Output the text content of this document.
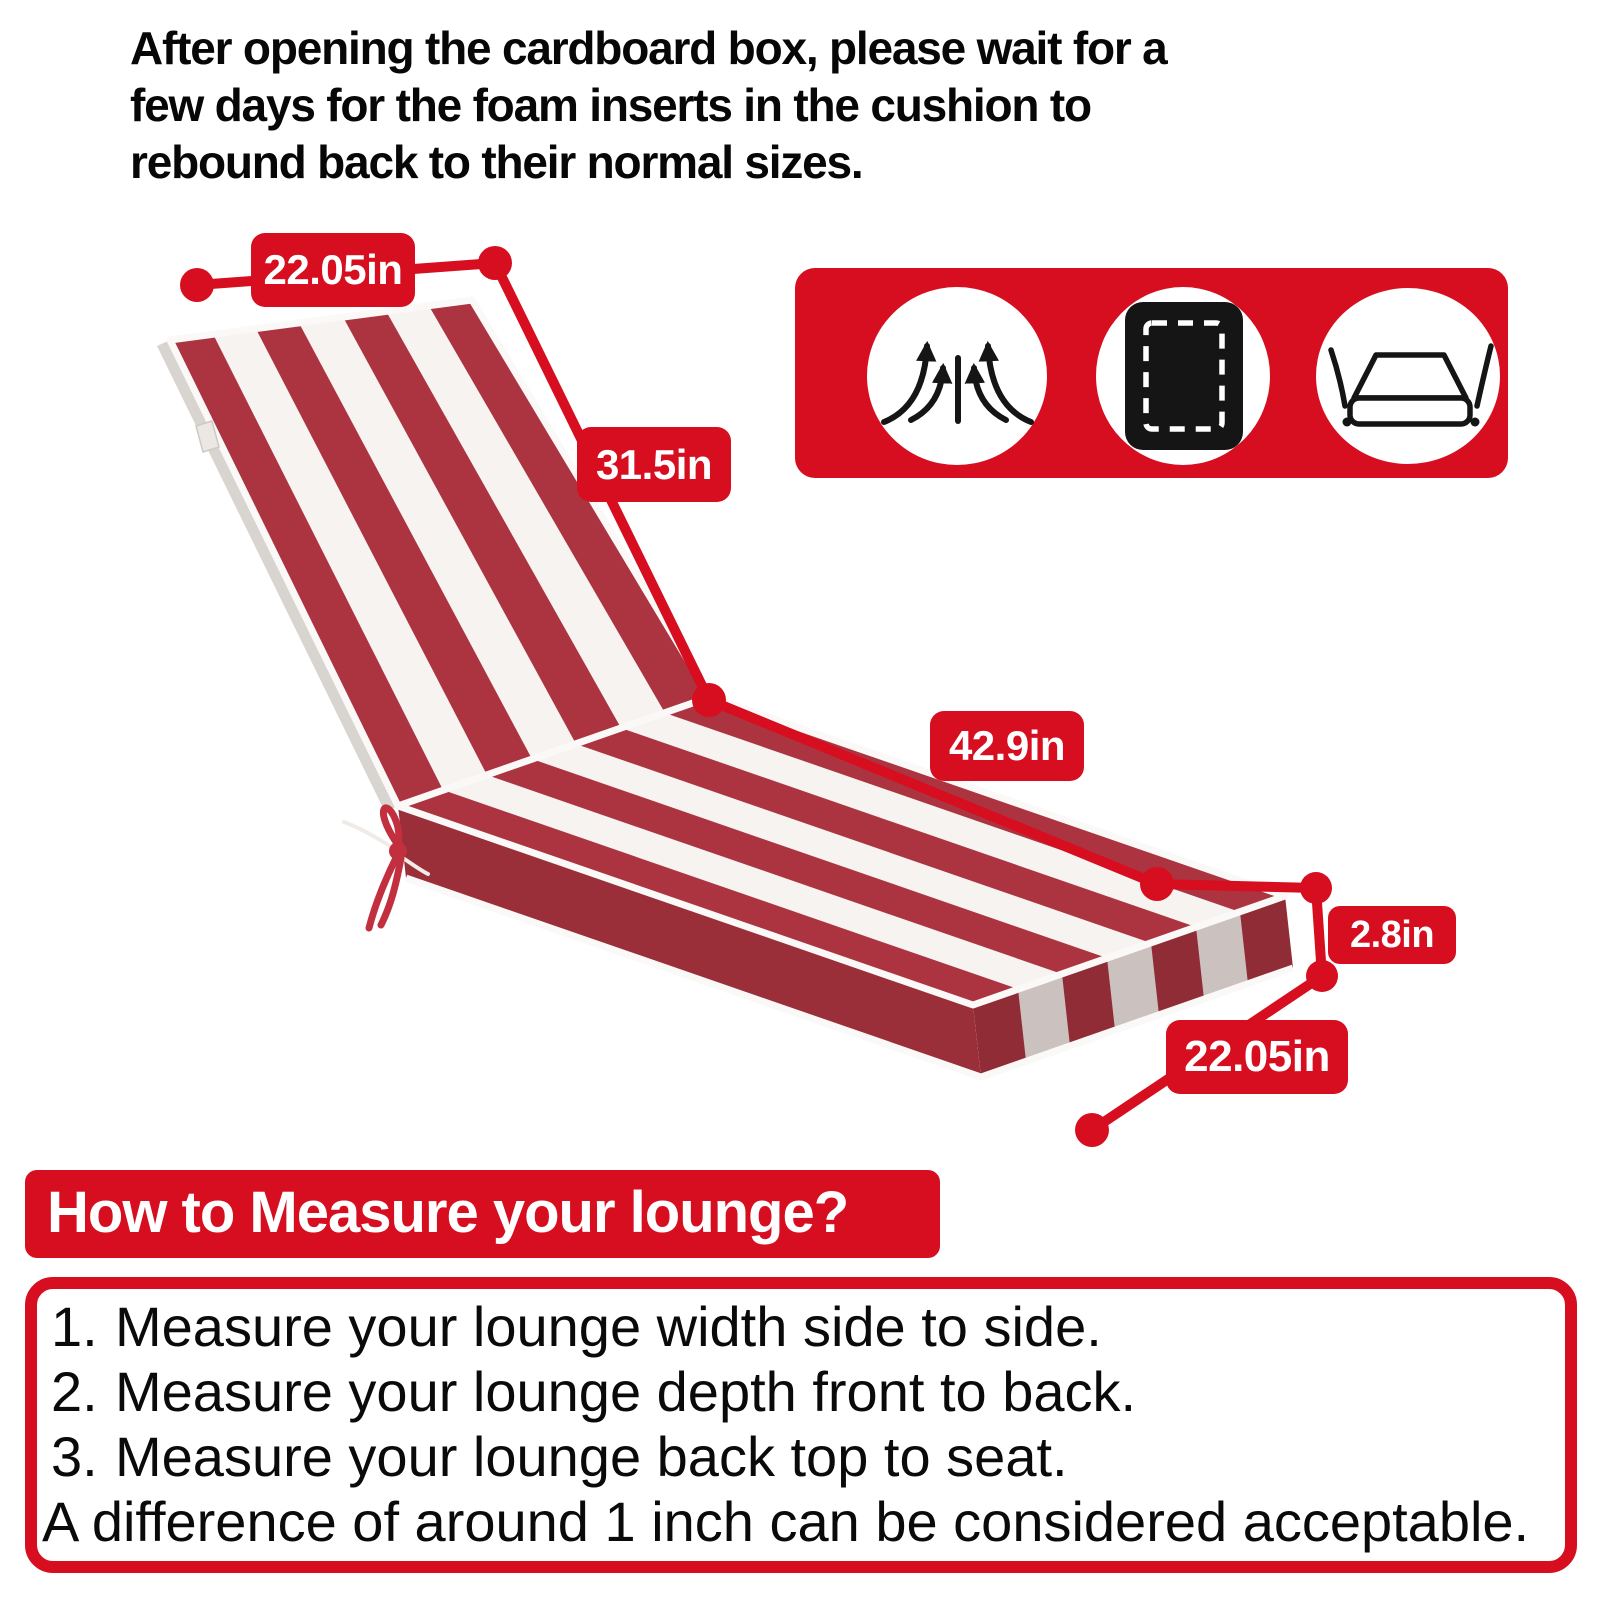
After opening the cardboard box, please wait for a
few days for the foam inserts in the cushion to
rebound back to their normal sizes.
22.05in
31.5in
42.9in
2.8in
22.05in
How to Measure your lounge?
1. Measure your lounge width side to side.
2. Measure your lounge depth front to back.
3. Measure your lounge back top to seat.
A difference of around 1 inch can be considered acceptable.
